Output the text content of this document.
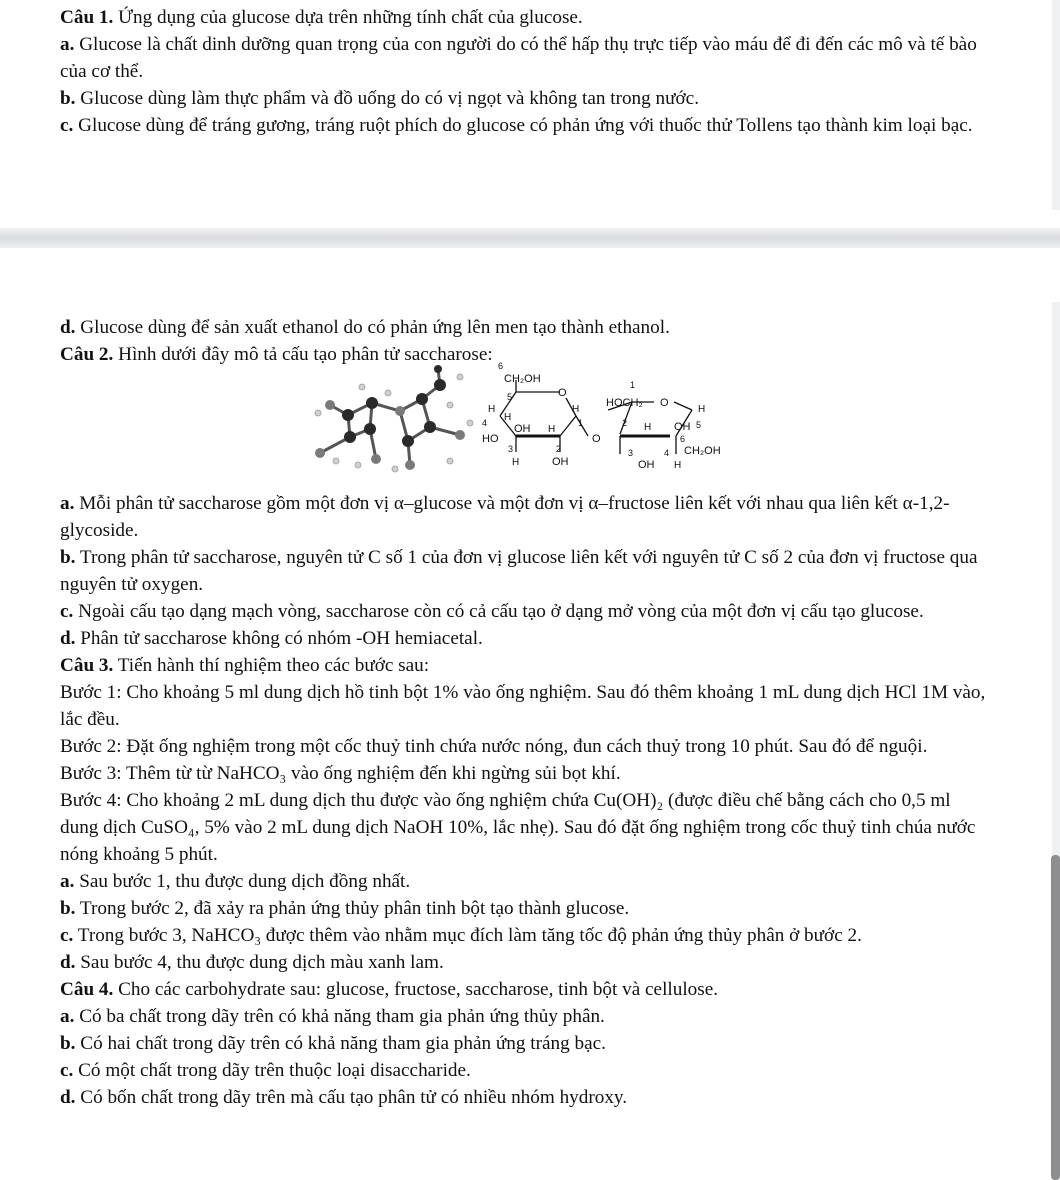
Câu 1. Ứng dụng của glucose dựa trên những tính chất của glucose.

a. Glucose là chất dinh dưỡng quan trọng của con người do có thể hấp thụ trực tiếp vào máu để đi đến các mô và tế bào của cơ thể.

b. Glucose dùng làm thực phẩm và đồ uống do có vị ngọt và không tan trong nước.

c. Glucose dùng để tráng gương, tráng ruột phích do glucose có phản ứng với thuốc thử Tollens tạo thành kim loại bạc.

d. Glucose dùng để sản xuất ethanol do có phản ứng lên men tạo thành ethanol.

Câu 2. Hình dưới đây mô tả cấu tạo phân tử saccharose:

6
CH₂OH
5	O
H	H
H
4	1
OH H
HO
3	2
H	OH
O
1
HOCH₂ O
H
2 H OH 5
6
CH₂OH
3	4
OH H

a. Mỗi phân tử saccharose gồm một đơn vị α–glucose và một đơn vị α–fructose liên kết với nhau qua liên kết α-1,2-glycoside.

b. Trong phân tử saccharose, nguyên tử C số 1 của đơn vị glucose liên kết với nguyên tử C số 2 của đơn vị fructose qua nguyên tử oxygen.

c. Ngoài cấu tạo dạng mạch vòng, saccharose còn có cả cấu tạo ở dạng mở vòng của một đơn vị cấu tạo glucose.

d. Phân tử saccharose không có nhóm -OH hemiacetal.

Câu 3. Tiến hành thí nghiệm theo các bước sau:

Bước 1: Cho khoảng 5 ml dung dịch hồ tinh bột 1% vào ống nghiệm. Sau đó thêm khoảng 1 mL dung dịch HCl 1M vào, lắc đều.

Bước 2: Đặt ống nghiệm trong một cốc thuỷ tinh chứa nước nóng, đun cách thuỷ trong 10 phút. Sau đó để nguội.

Bước 3: Thêm từ từ NaHCO₃ vào ống nghiệm đến khi ngừng sủi bọt khí.

Bước 4: Cho khoảng 2 mL dung dịch thu được vào ống nghiệm chứa Cu(OH)₂ (được điều chế bằng cách cho 0,5 ml dung dịch CuSO₄, 5% vào 2 mL dung dịch NaOH 10%, lắc nhẹ). Sau đó đặt ống nghiệm trong cốc thuỷ tinh chúa nước nóng khoảng 5 phút.

a. Sau bước 1, thu được dung dịch đồng nhất.

b. Trong bước 2, đã xảy ra phản ứng thủy phân tinh bột tạo thành glucose.

c. Trong bước 3, NaHCO₃ được thêm vào nhằm mục đích làm tăng tốc độ phản ứng thủy phân ở bước 2.

d. Sau bước 4, thu được dung dịch màu xanh lam.

Câu 4. Cho các carbohydrate sau: glucose, fructose, saccharose, tinh bột và cellulose.

a. Có ba chất trong dãy trên có khả năng tham gia phản ứng thủy phân.

b. Có hai chất trong dãy trên có khả năng tham gia phản ứng tráng bạc.

c. Có một chất trong dãy trên thuộc loại disaccharide.

d. Có bốn chất trong dãy trên mà cấu tạo phân tử có nhiều nhóm hydroxy.
